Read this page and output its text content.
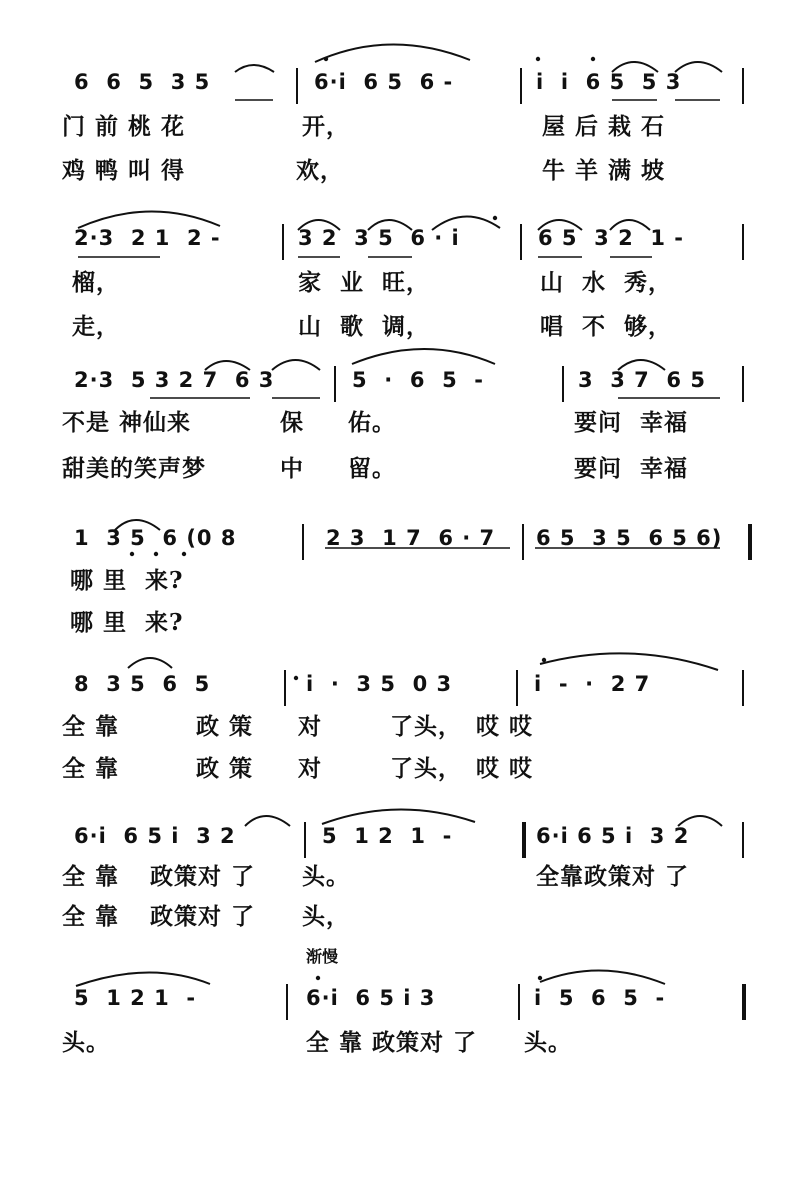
6  6  5  3 5	6·i  6 5  6 -	i  i  6 5  5 3

门 前 桃 花

	开，

	屋 后 栽 石

鸡 鸭 叫 得

	欢，

	牛 羊 满 坡

2·3  2 1  2 -	3 2  3 5  6 · i	6 5  3 2  1 -

榴，

	家  业  旺，

	山  水  秀，

走，

	山  歌  调，

	唱  不  够，

2·3  5 3 2 7  6 3	5  ·  6  5  -	3  3 7  6 5

不是 神仙来

	保

佑。

	要问  幸福

甜美的笑声梦

	中

留。

	要问  幸福

1  3 5  6 (0 8	2 3  1 7  6 · 7 6 5  3 5  6 5 6)

哪 里  来?

哪 里  来?

8  3 5  6  5	i  ·  3 5  0 3	i  -  ·  2 7

全 靠

	政 策

对

	了头，

哎 哎

全 靠

	政 策

对

	了头，

哎 哎

6·i  6 5 i  3 2	5  1 2  1  -	6·i 6 5 i  3 2

全 靠

政策对 了

头。

	全靠政策对 了

全 靠

政策对 了

头，

渐慢
5  1 2 1  -	6·i  6 5 i 3	i  5  6  5  -

头。

	全 靠 政策对 了

头。
